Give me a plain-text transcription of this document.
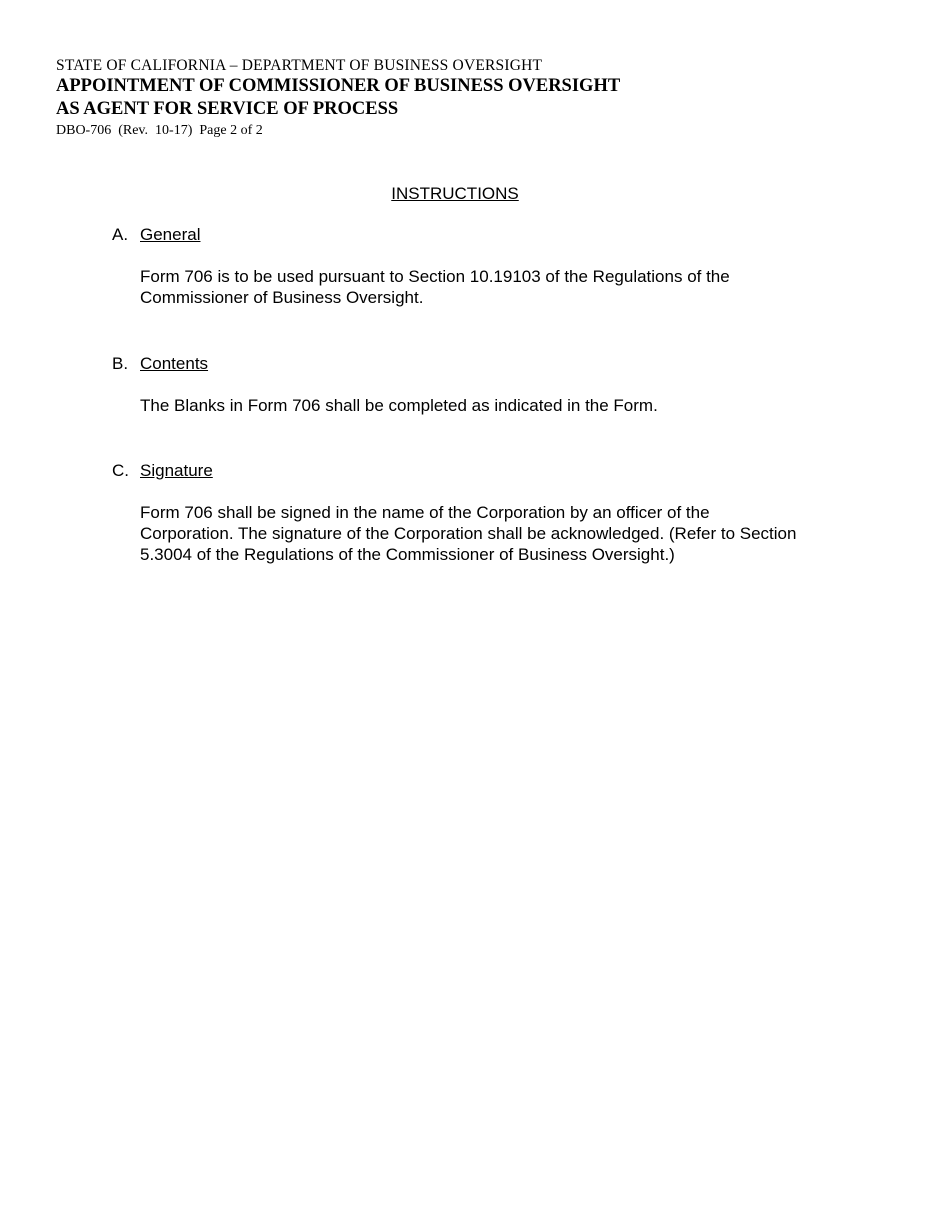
STATE OF CALIFORNIA – DEPARTMENT OF BUSINESS OVERSIGHT
APPOINTMENT OF COMMISSIONER OF BUSINESS OVERSIGHT
AS AGENT FOR SERVICE OF PROCESS
DBO-706  (Rev.  10-17)  Page 2 of 2
INSTRUCTIONS
A. General
Form 706 is to be used pursuant to Section 10.19103 of the Regulations of the Commissioner of Business Oversight.
B. Contents
The Blanks in Form 706 shall be completed as indicated in the Form.
C. Signature
Form 706 shall be signed in the name of the Corporation by an officer of the Corporation. The signature of the Corporation shall be acknowledged. (Refer to Section 5.3004 of the Regulations of the Commissioner of Business Oversight.)
